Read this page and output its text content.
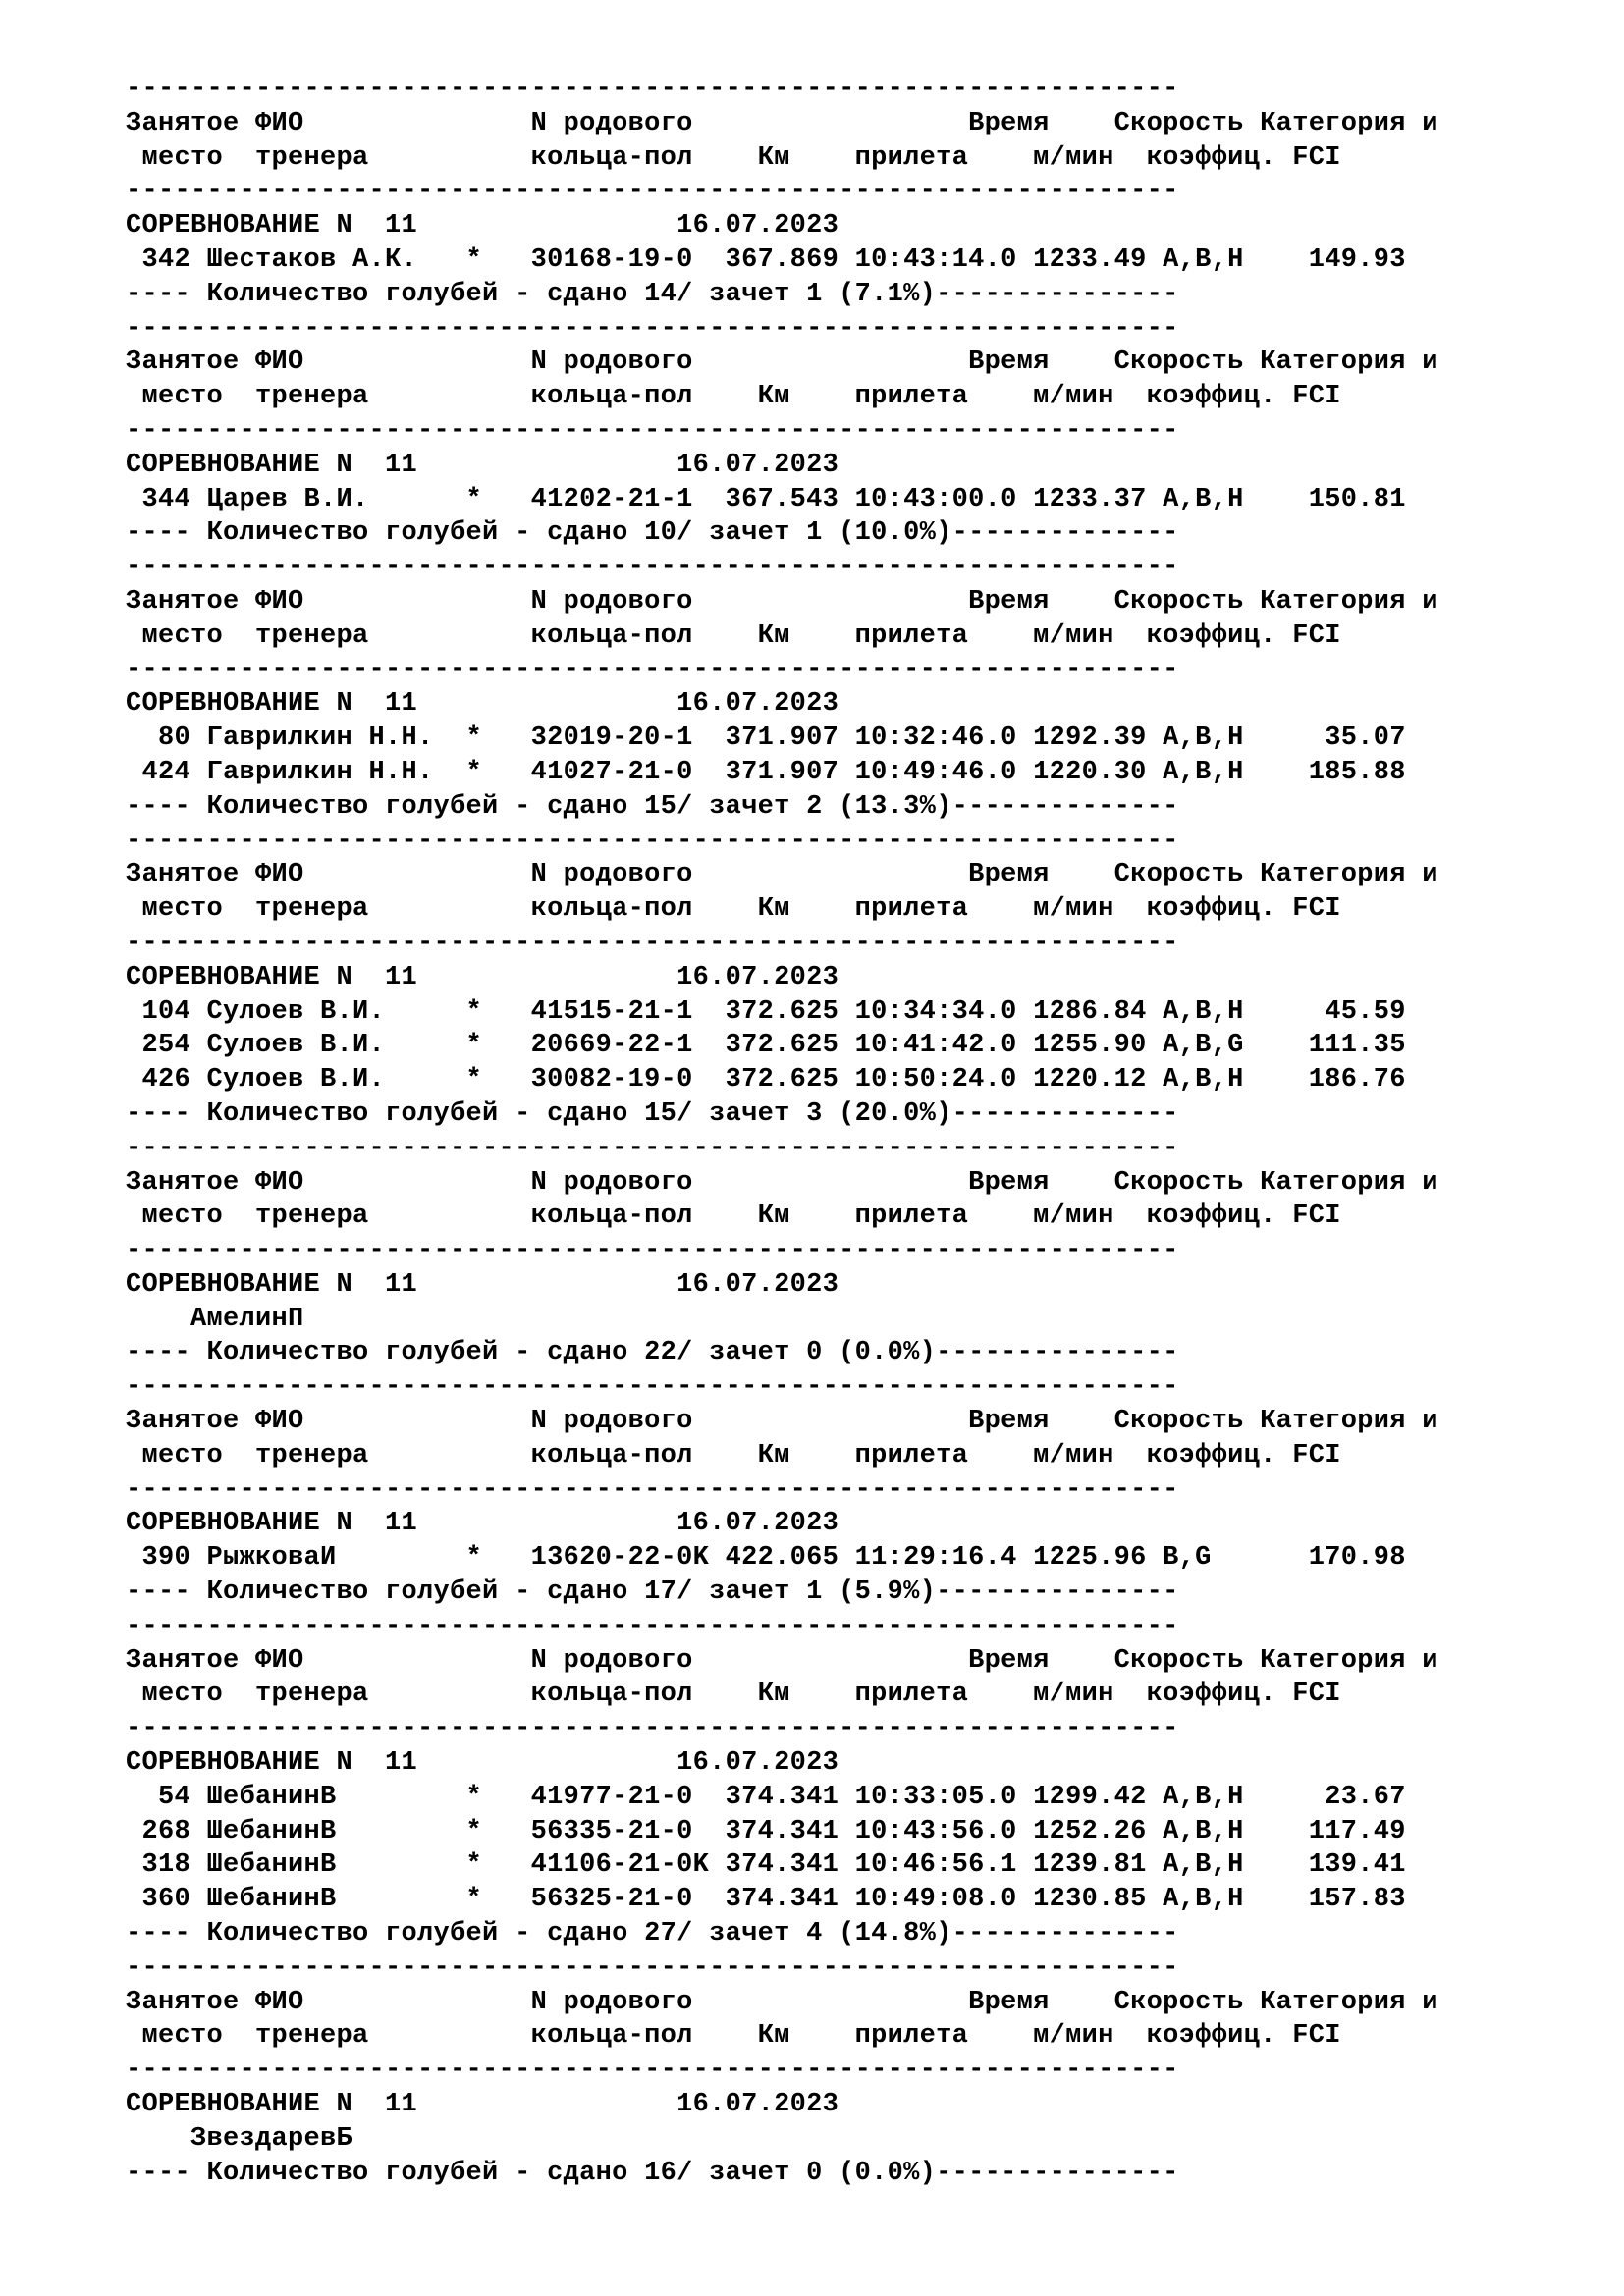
-----------------------------------------------------------------
Занятое ФИО              N родового                 Время    Скорость Категория и
место  тренера          кольца-пол    Км    прилета    м/мин  коэффиц. FCI
-----------------------------------------------------------------
СОРЕВНОВАНИЕ N  11                16.07.2023
342 Шестаков А.К.   *   30168-19-0  367.869 10:43:14.0 1233.49 A,B,H    149.93
---- Количество голубей - сдано 14/ зачет 1 (7.1%)---------------
-----------------------------------------------------------------
Занятое ФИО              N родового                 Время    Скорость Категория и
место  тренера          кольца-пол    Км    прилета    м/мин  коэффиц. FCI
-----------------------------------------------------------------
СОРЕВНОВАНИЕ N  11                16.07.2023
344 Царев В.И.      *   41202-21-1  367.543 10:43:00.0 1233.37 A,B,H    150.81
---- Количество голубей - сдано 10/ зачет 1 (10.0%)--------------
-----------------------------------------------------------------
Занятое ФИО              N родового                 Время    Скорость Категория и
место  тренера          кольца-пол    Км    прилета    м/мин  коэффиц. FCI
-----------------------------------------------------------------
СОРЕВНОВАНИЕ N  11                16.07.2023
80 Гаврилкин Н.Н.  *   32019-20-1  371.907 10:32:46.0 1292.39 A,B,H     35.07
424 Гаврилкин Н.Н.  *   41027-21-0  371.907 10:49:46.0 1220.30 A,B,H    185.88
---- Количество голубей - сдано 15/ зачет 2 (13.3%)--------------
-----------------------------------------------------------------
Занятое ФИО              N родового                 Время    Скорость Категория и
место  тренера          кольца-пол    Км    прилета    м/мин  коэффиц. FCI
-----------------------------------------------------------------
СОРЕВНОВАНИЕ N  11                16.07.2023
104 Сулоев В.И.     *   41515-21-1  372.625 10:34:34.0 1286.84 A,B,H     45.59
254 Сулоев В.И.     *   20669-22-1  372.625 10:41:42.0 1255.90 A,B,G    111.35
426 Сулоев В.И.     *   30082-19-0  372.625 10:50:24.0 1220.12 A,B,H    186.76
---- Количество голубей - сдано 15/ зачет 3 (20.0%)--------------
-----------------------------------------------------------------
Занятое ФИО              N родового                 Время    Скорость Категория и
место  тренера          кольца-пол    Км    прилета    м/мин  коэффиц. FCI
-----------------------------------------------------------------
СОРЕВНОВАНИЕ N  11                16.07.2023
АмелинП
---- Количество голубей - сдано 22/ зачет 0 (0.0%)---------------
-----------------------------------------------------------------
Занятое ФИО              N родового                 Время    Скорость Категория и
место  тренера          кольца-пол    Км    прилета    м/мин  коэффиц. FCI
-----------------------------------------------------------------
СОРЕВНОВАНИЕ N  11                16.07.2023
390 РыжковаИ        *   13620-22-0K 422.065 11:29:16.4 1225.96 B,G      170.98
---- Количество голубей - сдано 17/ зачет 1 (5.9%)---------------
-----------------------------------------------------------------
Занятое ФИО              N родового                 Время    Скорость Категория и
место  тренера          кольца-пол    Км    прилета    м/мин  коэффиц. FCI
-----------------------------------------------------------------
СОРЕВНОВАНИЕ N  11                16.07.2023
54 ШебанинВ        *   41977-21-0  374.341 10:33:05.0 1299.42 A,B,H     23.67
268 ШебанинВ        *   56335-21-0  374.341 10:43:56.0 1252.26 A,B,H    117.49
318 ШебанинВ        *   41106-21-0K 374.341 10:46:56.1 1239.81 A,B,H    139.41
360 ШебанинВ        *   56325-21-0  374.341 10:49:08.0 1230.85 A,B,H    157.83
---- Количество голубей - сдано 27/ зачет 4 (14.8%)--------------
-----------------------------------------------------------------
Занятое ФИО              N родового                 Время    Скорость Категория и
место  тренера          кольца-пол    Км    прилета    м/мин  коэффиц. FCI
-----------------------------------------------------------------
СОРЕВНОВАНИЕ N  11                16.07.2023
ЗвездаревБ
---- Количество голубей - сдано 16/ зачет 0 (0.0%)---------------
